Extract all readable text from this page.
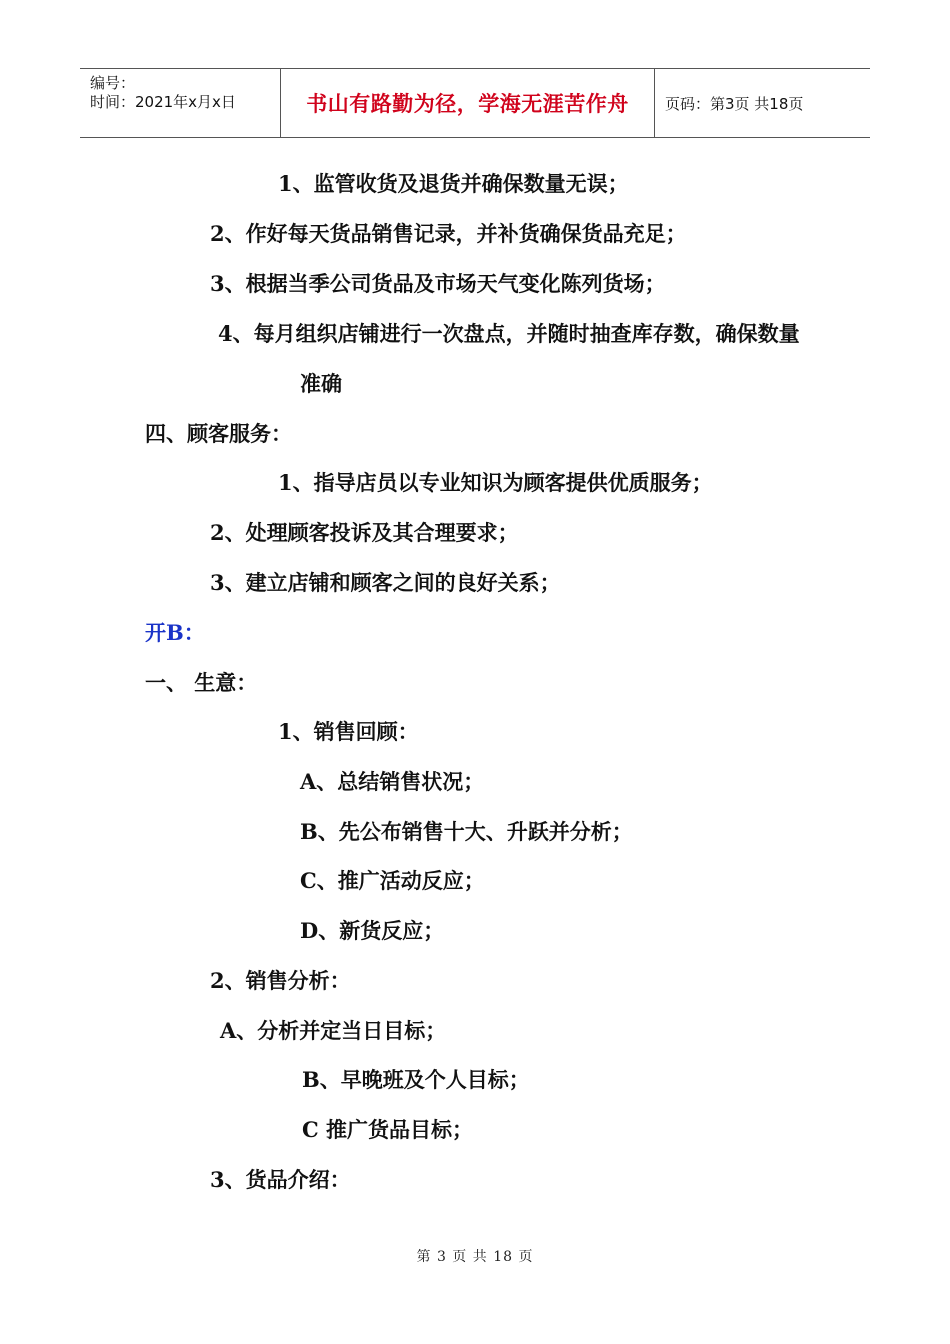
编号：
时间：2021年x月x日	书山有路勤为径，学海无涯苦作舟	页码：第3页 共18页
1、监管收货及退货并确保数量无误；
2、作好每天货品销售记录，并补货确保货品充足；
3、根据当季公司货品及市场天气变化陈列货场；
4、每月组织店铺进行一次盘点，并随时抽查库存数，确保数量
准确
四、顾客服务：
1、指导店员以专业知识为顾客提供优质服务；
2、处理顾客投诉及其合理要求；
3、建立店铺和顾客之间的良好关系；
开B：
一、 生意：
1、销售回顾：
A、总结销售状况；
B、先公布销售十大、升跃并分析；
C、推广活动反应；
D、新货反应；
2、销售分析：
A、分析并定当日目标；
B、早晚班及个人目标；
C 推广货品目标；
3、货品介绍：
第 3 页 共 18 页
